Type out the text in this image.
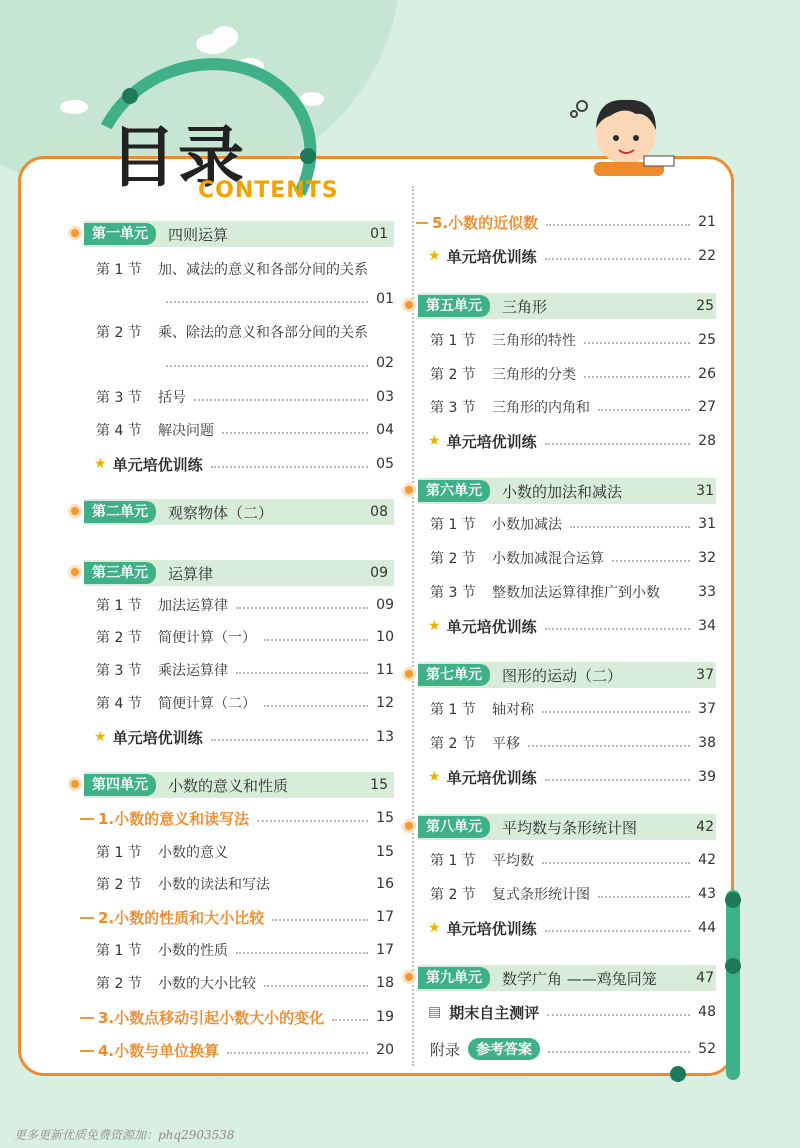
目录
CONTENTS
第一单元	四则运算	01
第 1 节	加、减法的意义和各部分间的关系
01
第 2 节	乘、除法的意义和各部分间的关系
02
第 3 节	括号	03
第 4 节	解决问题	04
★ 单元培优训练	05
第二单元	观察物体（二）	08
第三单元	运算律	09
第 1 节	加法运算律	09
第 2 节	简便计算（一）	10
第 3 节	乘法运算律	11
第 4 节	简便计算（二）	12
★ 单元培优训练	13
第四单元	小数的意义和性质	15
1.小数的意义和读写法	15
第 1 节	小数的意义	15
第 2 节	小数的读法和写法	16
2.小数的性质和大小比较	17
第 1 节	小数的性质	17
第 2 节	小数的大小比较	18
3.小数点移动引起小数大小的变化	19
4.小数与单位换算	20
5.小数的近似数	21
★ 单元培优训练	22
第五单元	三角形	25
第 1 节	三角形的特性	25
第 2 节	三角形的分类	26
第 3 节	三角形的内角和	27
★ 单元培优训练	28
第六单元	小数的加法和减法	31
第 1 节	小数加减法	31
第 2 节	小数加减混合运算	32
第 3 节	整数加法运算律推广到小数	33
★ 单元培优训练	34
第七单元	图形的运动（二）	37
第 1 节	轴对称	37
第 2 节	平移	38
★ 单元培优训练	39
第八单元	平均数与条形统计图	42
第 1 节	平均数	42
第 2 节	复式条形统计图	43
★ 单元培优训练	44
第九单元	数学广角 ——鸡兔同笼	47
▤ 期末自主测评	48
附录	参考答案	52
更多更新优质免费资源加：phq2903538
